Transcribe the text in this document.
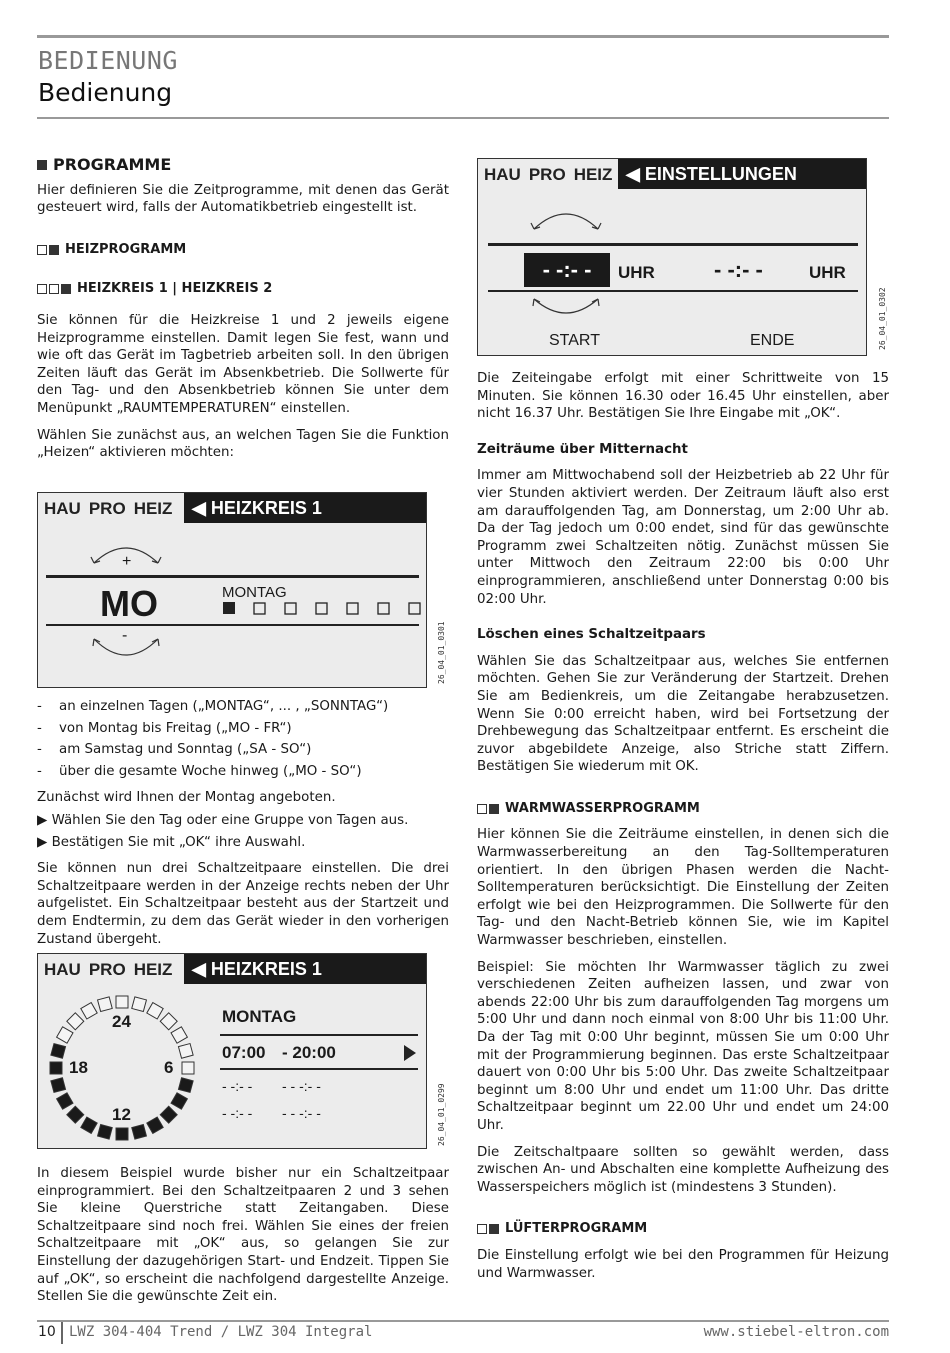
BEDIENUNG
Bedienung
PROGRAMME

Hier definieren Sie die Zeitprogramme, mit denen das Gerät gesteuert wird, falls der Automatikbetrieb eingestellt ist.

HEIZPROGRAMM
HEIZKREIS 1 | HEIZKREIS 2

Sie können für die Heizkreise 1 und 2 jeweils eigene Heizprogramme einstellen. Damit legen Sie fest, wann und wie oft das Gerät im Tagbetrieb arbeiten soll. In den übrigen Zeiten läuft das Gerät im Absenkbetrieb. Die Sollwerte für den Tag- und den Absenkbetrieb können Sie unter dem Menüpunkt „RAUMTEMPERATUREN“ einstellen.

Wählen Sie zunächst aus, an welchen Tagen Sie die Funktion „Heizen“ aktivieren möchten:

HAU PRO HEIZ	◀ HEIZKREIS 1
+
MO	MONTAG
-	26_04_01_0301
- an einzelnen Tagen („MONTAG“, ... , „SONNTAG“)
- von Montag bis Freitag („MO - FR“)
- am Samstag und Sonntag („SA - SO“)
- über die gesamte Woche hinweg („MO - SO“)

Zunächst wird Ihnen der Montag angeboten.

▶ Wählen Sie den Tag oder eine Gruppe von Tagen aus.
▶ Bestätigen Sie mit „OK“ ihre Auswahl.

Sie können nun drei Schaltzeitpaare einstellen. Die drei Schaltzeitpaare werden in der Anzeige rechts neben der Uhr aufgelistet. Ein Schaltzeitpaar besteht aus der Startzeit und dem Endtermin, zu dem das Gerät wieder in den vorherigen Zustand übergeht.

HAU PRO HEIZ	◀ HEIZKREIS 1
24
6
12
18
MONTAG
07:00 - 20:00
- -:- - - - -:- -
- -:- - - - -:- -	26_04_01_0299

In diesem Beispiel wurde bisher nur ein Schaltzeitpaar einprogrammiert. Bei den Schaltzeitpaaren 2 und 3 sehen Sie kleine Querstriche statt Zeitangaben. Diese Schaltzeitpaare sind noch frei. Wählen Sie eines der freien Schaltzeitpaare mit „OK“ aus, so gelangen Sie zur Einstellung der dazugehörigen Start- und Endzeit. Tippen Sie auf „OK“, so erscheint die nachfolgend dargestellte Anzeige. Stellen Sie die gewünschte Zeit ein.

HAU PRO HEIZ ◀ EINSTELLUNGEN
- -:- -	UHR	- -:- -	UHR
START	ENDE	26_04_01_0302

Die Zeiteingabe erfolgt mit einer Schrittweite von 15 Minuten. Sie können 16.30 oder 16.45 Uhr einstellen, aber nicht 16.37 Uhr. Bestätigen Sie Ihre Eingabe mit „OK“.

Zeiträume über Mitternacht

Immer am Mittwochabend soll der Heizbetrieb ab 22 Uhr für vier Stunden aktiviert werden. Der Zeitraum läuft also erst am darauffolgenden Tag, am Donnerstag, um 2:00 Uhr ab. Da der Tag jedoch um 0:00 endet, sind für das gewünschte Programm zwei Schaltzeiten nötig. Zunächst müssen Sie unter Mittwoch den Zeitraum 22:00 bis 0:00 Uhr einprogrammieren, anschließend unter Donnerstag 0:00 bis 02:00 Uhr.

Löschen eines Schaltzeitpaars

Wählen Sie das Schaltzeitpaar aus, welches Sie entfernen möchten. Gehen Sie zur Veränderung der Startzeit. Drehen Sie am Bedienkreis, um die Zeitangabe herabzusetzen. Wenn Sie 0:00 erreicht haben, wird bei Fortsetzung der Drehbewegung das Schaltzeitpaar entfernt. Es erscheint die zuvor abgebildete Anzeige, also Striche statt Ziffern. Bestätigen Sie wiederum mit OK.

WARMWASSERPROGRAMM

Hier können Sie die Zeiträume einstellen, in denen sich die Warmwasserbereitung an den Tag-Solltemperaturen orientiert. In den übrigen Phasen werden die Nacht-Solltemperaturen berücksichtigt. Die Einstellung der Zeiten erfolgt wie bei den Heizprogrammen. Die Sollwerte für den Tag- und den Nacht-Betrieb können Sie, wie im Kapitel Warmwasser beschrieben, einstellen.

Beispiel: Sie möchten Ihr Warmwasser täglich zu zwei verschiedenen Zeiten aufheizen lassen, und zwar von abends 22:00 Uhr bis zum darauffolgenden Tag morgens um 5:00 Uhr und dann noch einmal von 8:00 Uhr bis 11:00 Uhr. Da der Tag mit 0:00 Uhr beginnt, müssen Sie um 0:00 Uhr mit der Programmierung beginnen. Das erste Schaltzeitpaar dauert von 0:00 Uhr bis 5:00 Uhr. Das zweite Schaltzeitpaar beginnt um 8:00 Uhr und endet um 11:00 Uhr. Das dritte Schaltzeitpaar beginnt um 22.00 Uhr und endet um 24:00 Uhr.

Die Zeitschaltpaare sollten so gewählt werden, dass zwischen An- und Abschalten eine komplette Aufheizung des Wasserspeichers möglich ist (mindestens 3 Stunden).

LÜFTERPROGRAMM

Die Einstellung erfolgt wie bei den Programmen für Heizung und Warmwasser.

10 LWZ 304-404 Trend / LWZ 304 Integral	www.stiebel-eltron.com
